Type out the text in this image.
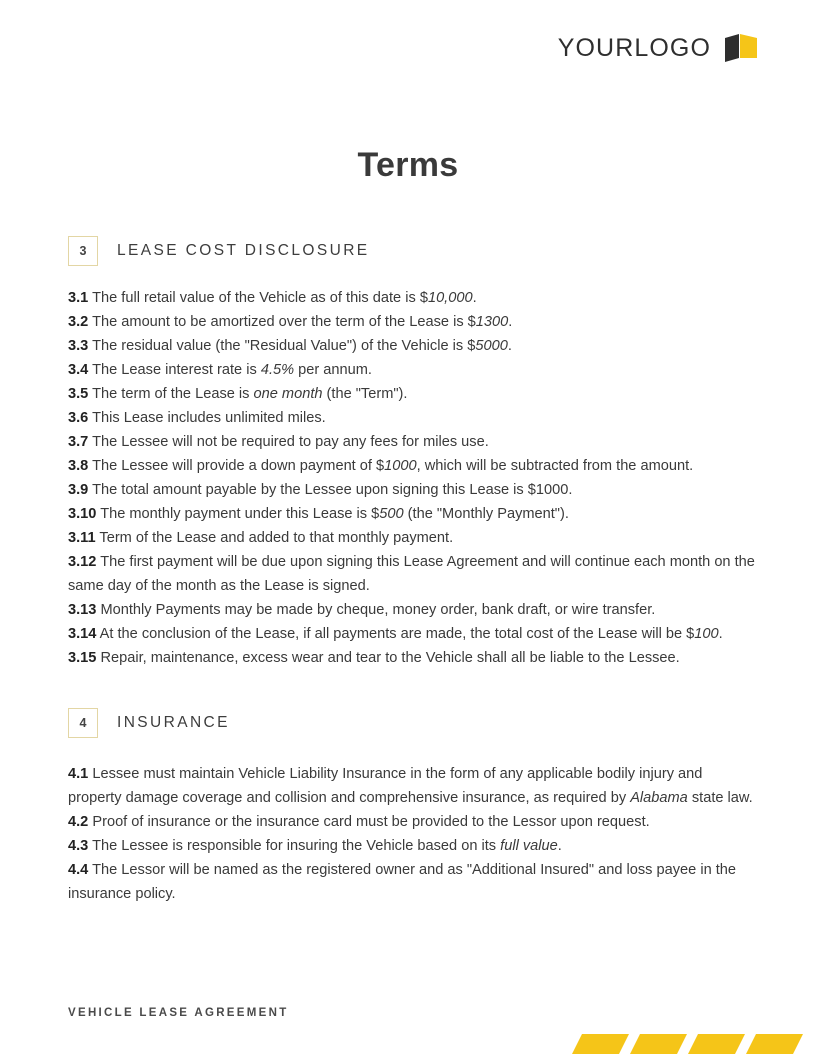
YOURLOGO
Terms
3	LEASE COST DISCLOSURE

3.1 The full retail value of the Vehicle as of this date is $10,000.

3.2 The amount to be amortized over the term of the Lease is $1300.

3.3 The residual value (the "Residual Value") of the Vehicle is $5000.

3.4 The Lease interest rate is 4.5% per annum.

3.5 The term of the Lease is one month (the "Term").

3.6 This Lease includes unlimited miles.

3.7 The Lessee will not be required to pay any fees for miles use.

3.8 The Lessee will provide a down payment of $1000, which will be subtracted from the amount.

3.9 The total amount payable by the Lessee upon signing this Lease is $1000.

3.10 The monthly payment under this Lease is $500 (the "Monthly Payment").

3.11 Term of the Lease and added to that monthly payment.

3.12 The first payment will be due upon signing this Lease Agreement and will continue each month on the same day of the month as the Lease is signed.

3.13 Monthly Payments may be made by cheque, money order, bank draft, or wire transfer.

3.14 At the conclusion of the Lease, if all payments are made, the total cost of the Lease will be $100.

3.15 Repair, maintenance, excess wear and tear to the Vehicle shall all be liable to the Lessee.

4	INSURANCE

4.1 Lessee must maintain Vehicle Liability Insurance in the form of any applicable bodily injury and property damage coverage and collision and comprehensive insurance, as required by Alabama state law.

4.2 Proof of insurance or the insurance card must be provided to the Lessor upon request.

4.3 The Lessee is responsible for insuring the Vehicle based on its full value.

4.4 The Lessor will be named as the registered owner and as "Additional Insured" and loss payee in the insurance policy.

VEHICLE LEASE AGREEMENT
